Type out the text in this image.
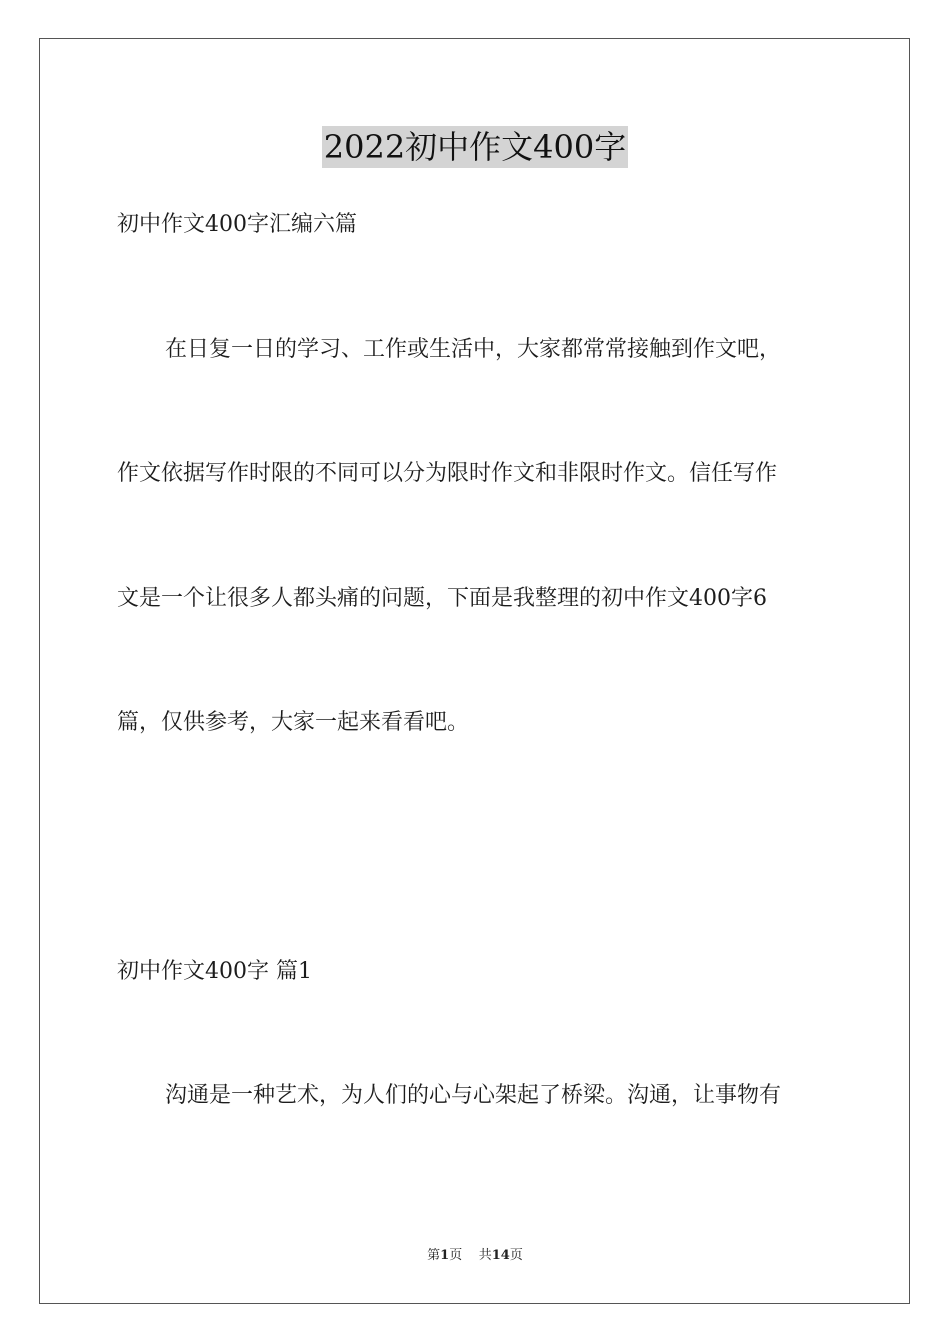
2022初中作文400字
初中作文400字汇编六篇
在日复一日的学习、工作或生活中，大家都常常接触到作文吧，
作文依据写作时限的不同可以分为限时作文和非限时作文。信任写作
文是一个让很多人都头痛的问题，下面是我整理的初中作文400字6
篇，仅供参考，大家一起来看看吧。
初中作文400字 篇1
沟通是一种艺术，为人们的心与心架起了桥梁。沟通，让事物有
第1页 共14页
